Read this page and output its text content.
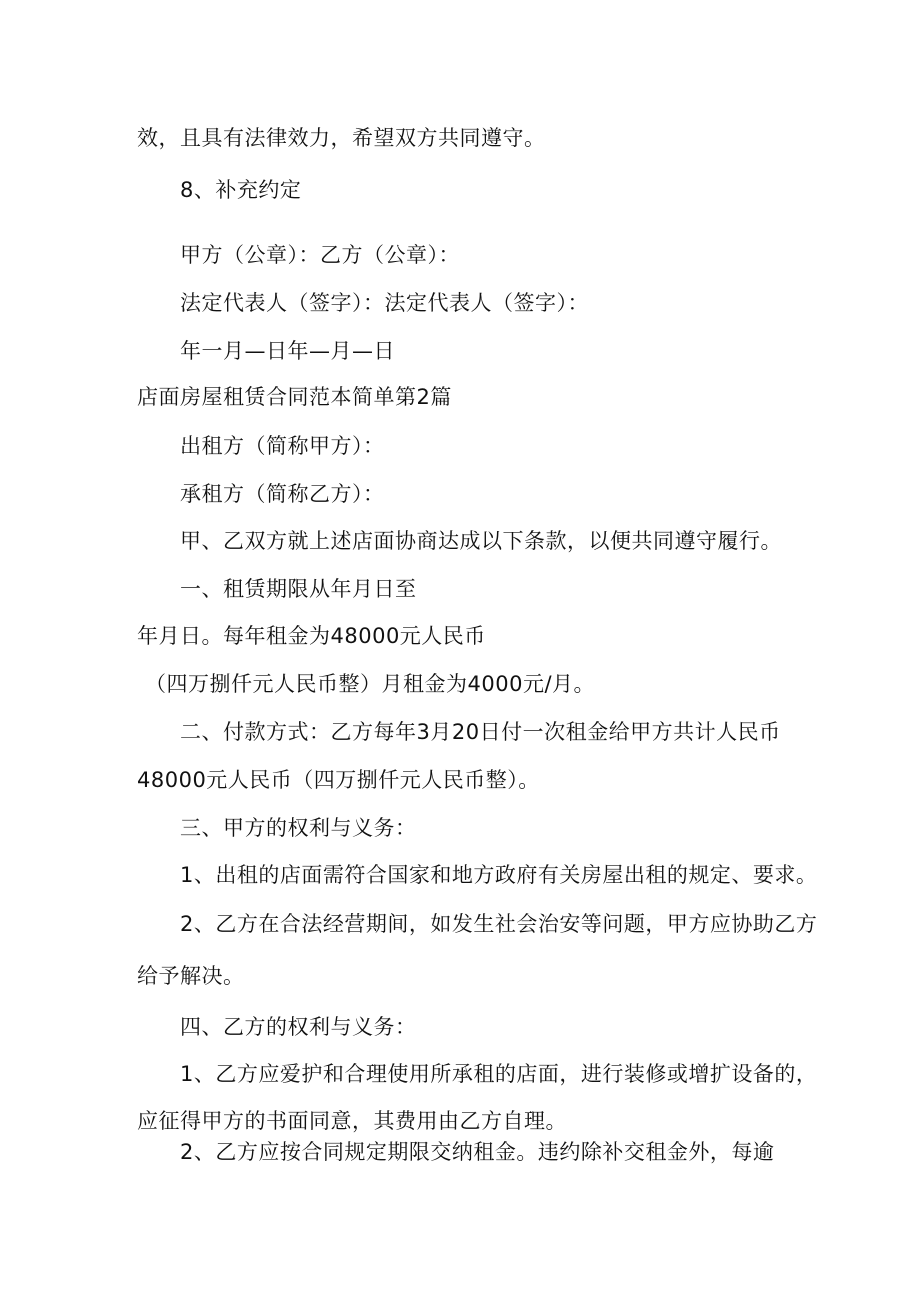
效，且具有法律效力，希望双方共同遵守。
8、补充约定
甲方（公章）：乙方（公章）：
法定代表人（签字）：法定代表人（签字）：
年一月—日年—月—日
店面房屋租赁合同范本简单第2篇
出租方（简称甲方）：
承租方（简称乙方）：
甲、乙双方就上述店面协商达成以下条款，以便共同遵守履行。
一、租赁期限从年月日至
年月日。每年租金为48000元人民币
（四万捌仟元人民币整）月租金为4000元/月。
二、付款方式：乙方每年3月20日付一次租金给甲方共计人民币
48000元人民币（四万捌仟元人民币整）。
三、甲方的权利与义务：
1、出租的店面需符合国家和地方政府有关房屋出租的规定、要求。
2、乙方在合法经营期间，如发生社会治安等问题，甲方应协助乙方
给予解决。
四、乙方的权利与义务：
1、乙方应爱护和合理使用所承租的店面，进行装修或增扩设备的，
应征得甲方的书面同意，其费用由乙方自理。
2、乙方应按合同规定期限交纳租金。违约除补交租金外，每逾
